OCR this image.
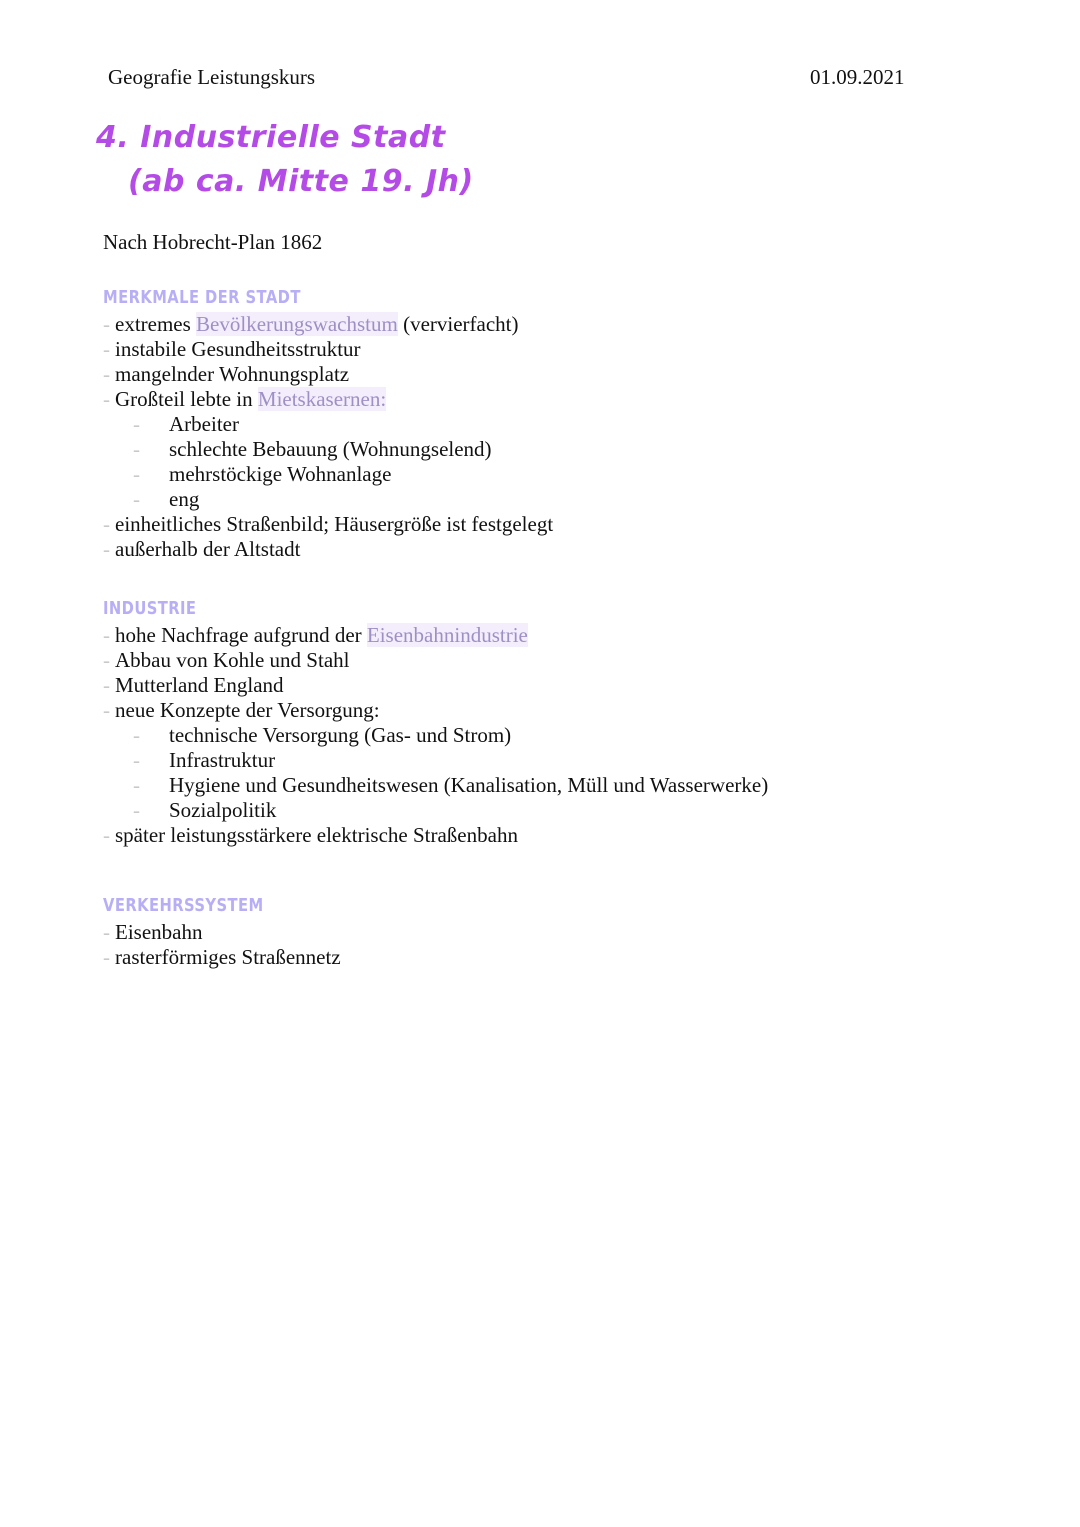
Geografie Leistungskurs	01.09.2021
4. Industrielle Stadt
(ab ca. Mitte 19. Jh)
Nach Hobrecht-Plan 1862
MERKMALE DER STADT
- extremes Bevölkerungswachstum (vervierfacht)
- instabile Gesundheitsstruktur
- mangelnder Wohnungsplatz
- Großteil lebte in Mietskasernen:
- Arbeiter
- schlechte Bebauung (Wohnungselend)
- mehrstöckige Wohnanlage
- eng
- einheitliches Straßenbild; Häusergröße ist festgelegt
- außerhalb der Altstadt
INDUSTRIE
- hohe Nachfrage aufgrund der Eisenbahnindustrie
- Abbau von Kohle und Stahl
- Mutterland England
- neue Konzepte der Versorgung:
- technische Versorgung (Gas- und Strom)
- Infrastruktur
- Hygiene und Gesundheitswesen (Kanalisation, Müll und Wasserwerke)
- Sozialpolitik
- später leistungsstärkere elektrische Straßenbahn
VERKEHRSSYSTEM
- Eisenbahn
- rasterförmiges Straßennetz
